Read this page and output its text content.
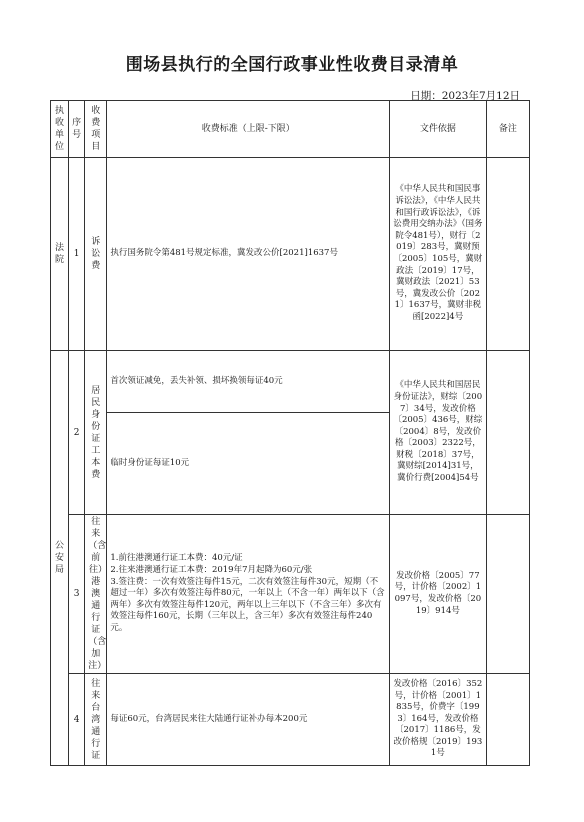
围场县执行的全国行政事业性收费目录清单
日期：2023年7月12日
执收单位	序号	收费项目	收费标准（上限-下限）	文件依据	备注
法院	1	诉讼费	执行国务院令第481号规定标准，冀发改公价[2021]1637号	《中华人民共和国民事诉讼法》，《中华人民共和国行政诉讼法》，《诉讼费用交纳办法》（国务院令481号），财行〔2019〕283号，冀财预〔2005〕105号，冀财政法〔2019〕17号，冀财政法〔2021〕53号，冀发改公价〔2021〕1637号，冀财非税函[2022]4号	
公安局	2	居民身份证工本费	首次领证减免，丢失补领、损坏换领每证40元	《中华人民共和国居民身份证法》，财综〔2007〕34号，发改价格〔2005〕436号，财综〔2004〕8号，发改价格〔2003〕2322号，财税〔2018〕37号，冀财综[2014]31号，冀价行费[2004]54号	
			临时身份证每证10元		
	3	往来（含前往）港澳通行证（含加注）	1.前往港澳通行证工本费：40元/证
2.往来港澳通行证工本费：2019年7月起降为60元/张
3.签注费：一次有效签注每件15元，二次有效签注每件30元，短期（不超过一年）多次有效签注每件80元，一年以上（不含一年）两年以下（含两年）多次有效签注每件120元，两年以上三年以下（不含三年）多次有效签注每件160元，长期（三年以上，含三年）多次有效签注每件240元。	发改价格〔2005〕77号，计价格〔2002〕1097号，发改价格〔2019〕914号	
	4	往来台湾通行证	每证60元，台湾居民来往大陆通行证补办每本200元	发改价格〔2016〕352号，计价格〔2001〕1835号，价费字〔1993〕164号，发改价格〔2017〕1186号，发改价格规〔2019〕1931号	
